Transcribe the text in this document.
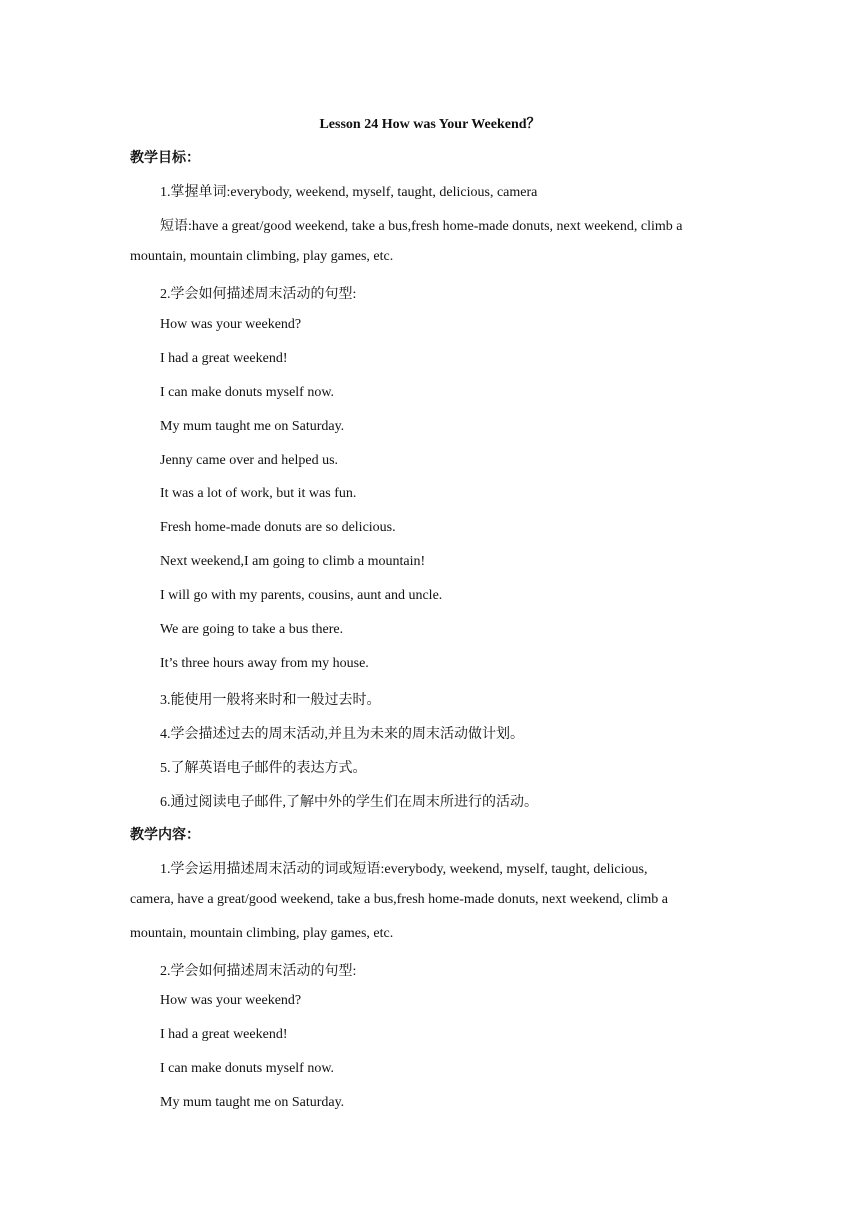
Lesson 24 How was Your Weekend？
教学目标：
1.掌握单词:everybody, weekend, myself, taught, delicious, camera
短语:have a great/good weekend, take a bus,fresh home-made donuts, next weekend, climb a
mountain, mountain climbing, play games, etc.
2.学会如何描述周末活动的句型:
How was your weekend?
I had a great weekend!
I can make donuts myself now.
My mum taught me on Saturday.
Jenny came over and helped us.
It was a lot of work, but it was fun.
Fresh home-made donuts are so delicious.
Next weekend,I am going to climb a mountain!
I will go with my parents, cousins, aunt and uncle.
We are going to take a bus there.
It’s three hours away from my house.
3.能使用一般将来时和一般过去时。
4.学会描述过去的周末活动,并且为未来的周末活动做计划。
5.了解英语电子邮件的表达方式。
6.通过阅读电子邮件,了解中外的学生们在周末所进行的活动。
教学内容：
1.学会运用描述周末活动的词或短语:everybody, weekend, myself, taught, delicious,
camera, have a great/good weekend, take a bus,fresh home-made donuts, next weekend, climb a
mountain, mountain climbing, play games, etc.
2.学会如何描述周末活动的句型:
How was your weekend?
I had a great weekend!
I can make donuts myself now.
My mum taught me on Saturday.
